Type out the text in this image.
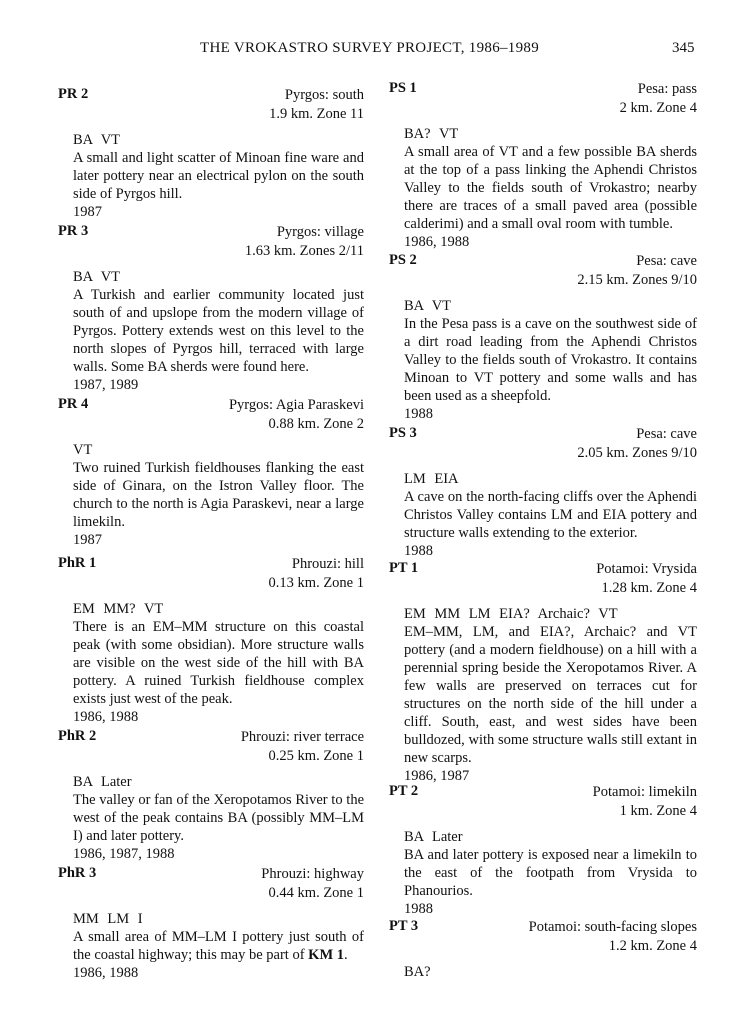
THE VROKASTRO SURVEY PROJECT, 1986–1989	345
PR 2	Pyrgos: south
1.9 km. Zone 11
BA VT
A small and light scatter of Minoan fine ware and later pottery near an electrical pylon on the south side of Pyrgos hill.
1987
PR 3	Pyrgos: village
1.63 km. Zones 2/11
BA VT
A Turkish and earlier community located just south of and upslope from the modern village of Pyrgos. Pottery extends west on this level to the north slopes of Pyrgos hill, terraced with large walls. Some BA sherds were found here.
1987, 1989
PR 4	Pyrgos: Agia Paraskevi
0.88 km. Zone 2
VT
Two ruined Turkish fieldhouses flanking the east side of Ginara, on the Istron Valley floor. The church to the north is Agia Paraskevi, near a large limekiln.
1987
PhR 1	Phrouzi: hill
0.13 km. Zone 1
EM MM? VT
There is an EM–MM structure on this coastal peak (with some obsidian). More structure walls are visible on the west side of the hill with BA pottery. A ruined Turkish fieldhouse complex exists just west of the peak.
1986, 1988
PhR 2	Phrouzi: river terrace
0.25 km. Zone 1
BA Later
The valley or fan of the Xeropotamos River to the west of the peak contains BA (possibly MM–LM I) and later pottery.
1986, 1987, 1988
PhR 3	Phrouzi: highway
0.44 km. Zone 1
MM LM I
A small area of MM–LM I pottery just south of the coastal highway; this may be part of KM 1.
1986, 1988
PS 1	Pesa: pass
2 km. Zone 4
BA? VT
A small area of VT and a few possible BA sherds at the top of a pass linking the Aphendi Christos Valley to the fields south of Vrokastro; nearby there are traces of a small paved area (possible calderimi) and a small oval room with tumble.
1986, 1988
PS 2	Pesa: cave
2.15 km. Zones 9/10
BA VT
In the Pesa pass is a cave on the southwest side of a dirt road leading from the Aphendi Christos Valley to the fields south of Vrokastro. It contains Minoan to VT pottery and some walls and has been used as a sheepfold.
1988
PS 3	Pesa: cave
2.05 km. Zones 9/10
LM EIA
A cave on the north-facing cliffs over the Aphendi Christos Valley contains LM and EIA pottery and structure walls extending to the exterior.
1988
PT 1	Potamoi: Vrysida
1.28 km. Zone 4
EM MM LM EIA? Archaic? VT
EM–MM, LM, and EIA?, Archaic? and VT pottery (and a modern fieldhouse) on a hill with a perennial spring beside the Xeropotamos River. A few walls are preserved on terraces cut for structures on the north side of the hill under a cliff. South, east, and west sides have been bulldozed, with some structure walls still extant in new scarps.
1986, 1987
PT 2	Potamoi: limekiln
1 km. Zone 4
BA Later
BA and later pottery is exposed near a limekiln to the east of the footpath from Vrysida to Phanourios.
1988
PT 3	Potamoi: south-facing slopes
1.2 km. Zone 4
BA?
